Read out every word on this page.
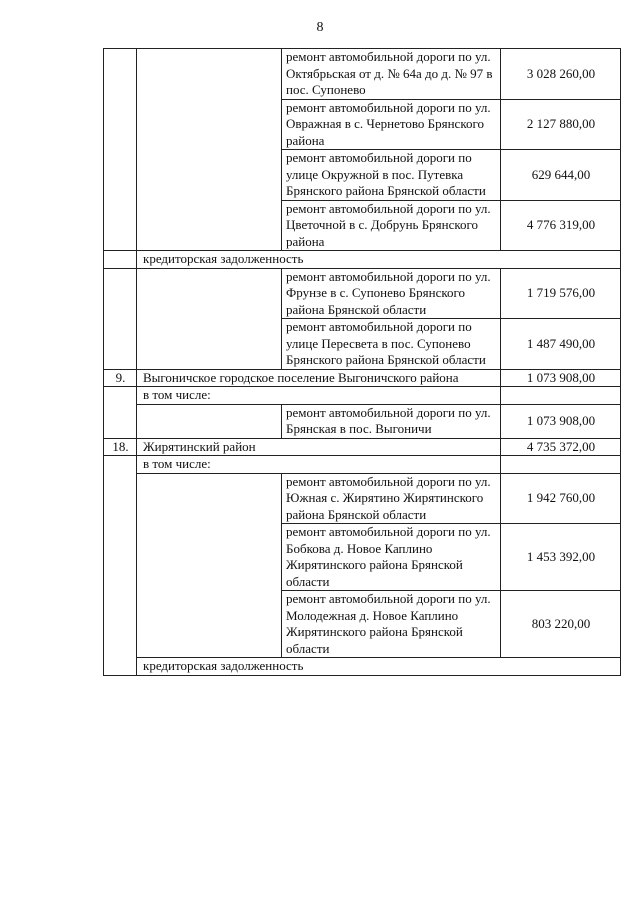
8
		ремонт автомобильной дороги по ул. Октябрьская от д. № 64а до д. № 97 в пос. Супонево	3 028 260,00
		ремонт автомобильной дороги по ул. Овражная в с. Чернетово Брянского района	2 127 880,00
		ремонт автомобильной дороги по улице Окружной в пос. Путевка Брянского района Брянской области	629 644,00
		ремонт автомобильной дороги по ул. Цветочной в с. Добрунь Брянского района	4 776 319,00
	кредиторская задолженность		
		ремонт автомобильной дороги по ул. Фрунзе в с. Супонево Брянского района Брянской области	1 719 576,00
		ремонт автомобильной дороги по улице Пересвета в пос. Супонево Брянского района Брянской области	1 487 490,00
9.	Выгоничское городское поселение Выгоничского района		1 073 908,00
	в том числе:		
		ремонт автомобильной дороги по ул. Брянская в пос. Выгоничи	1 073 908,00
18.	Жирятинский район		4 735 372,00
	в том числе:		
		ремонт автомобильной дороги по ул. Южная с. Жирятино Жирятинского района Брянской области	1 942 760,00
		ремонт автомобильной дороги по ул. Бобкова д. Новое Каплино Жирятинского района Брянской области	1 453 392,00
		ремонт автомобильной дороги по ул. Молодежная д. Новое Каплино Жирятинского района Брянской области	803 220,00
	кредиторская задолженность		
